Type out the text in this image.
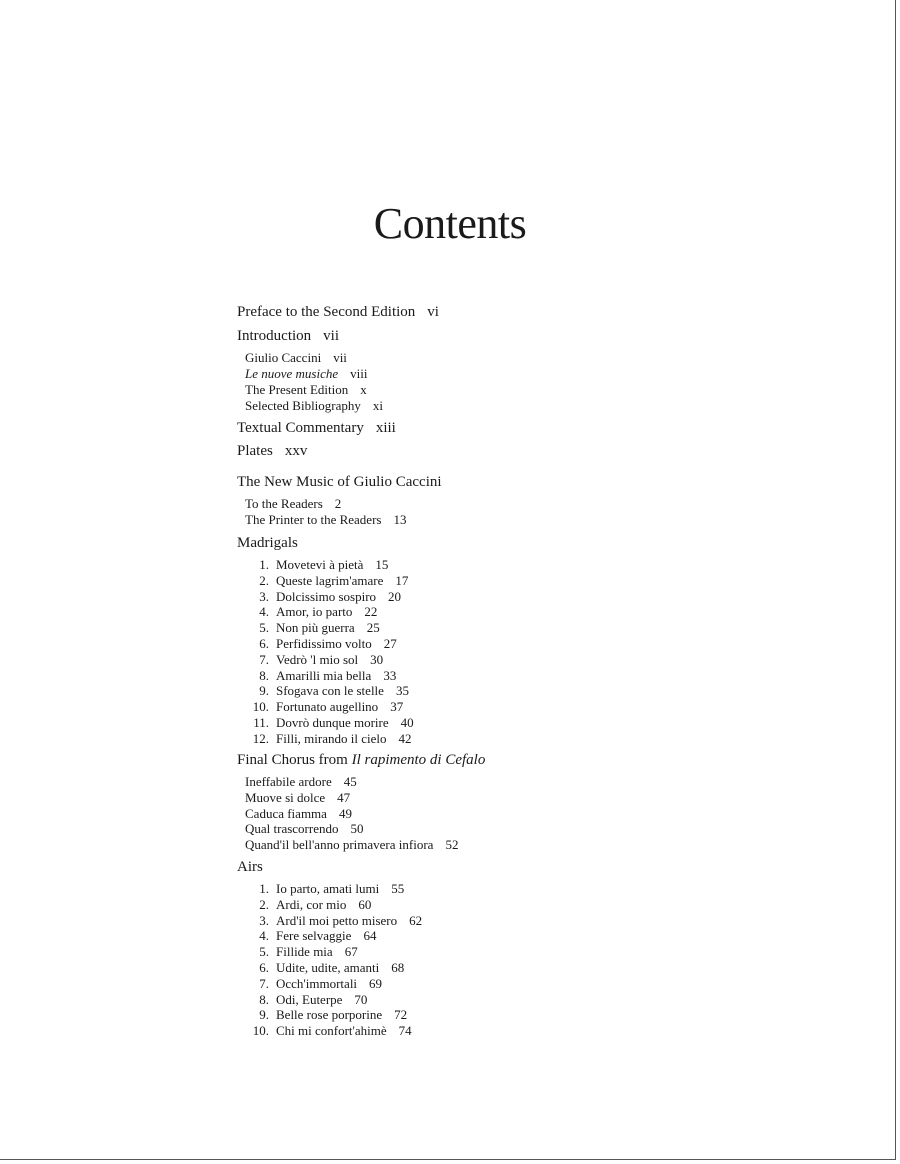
Contents
Preface to the Second Edition vi
Introduction vii
Giulio Caccini vii
Le nuove musiche viii
The Present Edition x
Selected Bibliography xi
Textual Commentary xiii
Plates xxv
The New Music of Giulio Caccini
To the Readers 2
The Printer to the Readers 13
Madrigals
1. Movetevi à pietà 15
2. Queste lagrim'amare 17
3. Dolcissimo sospiro 20
4. Amor, io parto 22
5. Non più guerra 25
6. Perfidissimo volto 27
7. Vedrò 'l mio sol 30
8. Amarilli mia bella 33
9. Sfogava con le stelle 35
10. Fortunato augellino 37
11. Dovrò dunque morire 40
12. Filli, mirando il cielo 42
Final Chorus from Il rapimento di Cefalo
Ineffabile ardore 45
Muove si dolce 47
Caduca fiamma 49
Qual trascorrendo 50
Quand'il bell'anno primavera infiora 52
Airs
1. Io parto, amati lumi 55
2. Ardi, cor mio 60
3. Ard'il moi petto misero 62
4. Fere selvaggie 64
5. Fillide mia 67
6. Udite, udite, amanti 68
7. Occh'immortali 69
8. Odi, Euterpe 70
9. Belle rose porporine 72
10. Chi mi confort'ahimè 74
